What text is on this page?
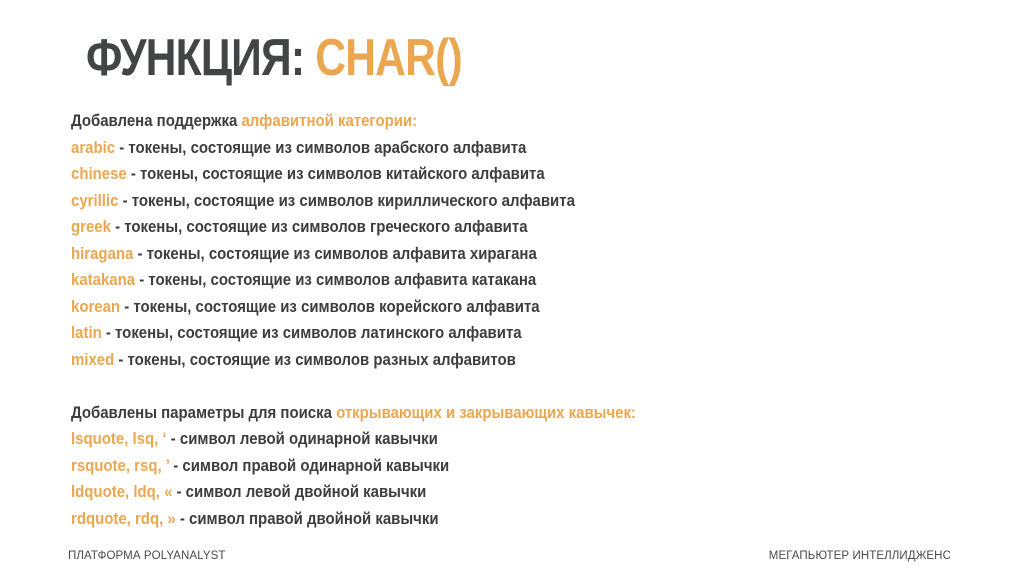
ФУНКЦИЯ: CHAR()
Добавлена поддержка алфавитной категории:
arabic - токены, состоящие из символов арабского алфавита
chinese - токены, состоящие из символов китайского алфавита
cyrillic - токены, состоящие из символов кириллического алфавита
greek - токены, состоящие из символов греческого алфавита
hiragana - токены, состоящие из символов алфавита хирагана
katakana - токены, состоящие из символов алфавита катакана
korean - токены, состоящие из символов корейского алфавита
latin - токены, состоящие из символов латинского алфавита
mixed - токены, состоящие из символов разных алфавитов
Добавлены параметры для поиска открывающих и закрывающих кавычек:
lsquote, lsq, ‘ - символ левой одинарной кавычки
rsquote, rsq, ’ - символ правой одинарной кавычки
ldquote, ldq, « - символ левой двойной кавычки
rdquote, rdq, » - символ правой двойной кавычки
ПЛАТФОРМА POLYANALYST	МЕГАПЬЮТЕР ИНТЕЛЛИДЖЕНС
